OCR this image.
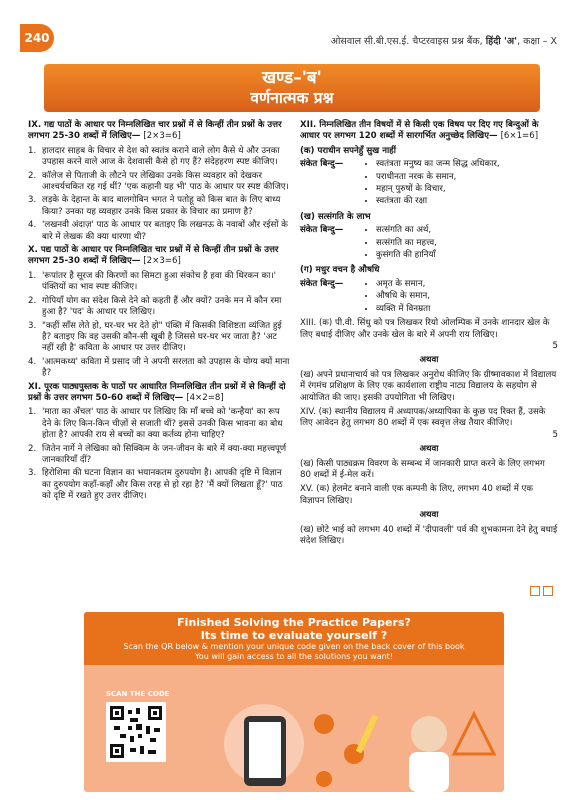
240	ओसवाल सी.बी.एस.ई. चैप्टरवाइस प्रश्न बैंक, हिंदी 'अ', कक्षा – X
खण्ड–'ब'
वर्णनात्मक प्रश्न
IX. गद्य पाठों के आधार पर निम्नलिखित चार प्रश्नों में से किन्हीं तीन प्रश्नों के उत्तर लगभग 25-30 शब्दों में लिखिए— [2×3=6]
1. हालदार साहब के विचार से देश को स्वतंत्र कराने वाले लोग कैसे थे और उनका उपहास करने वाले आज के देशवासी कैसे हो गए हैं? संदेहहरण स्पष्ट कीजिए।
2. कॉलेज से पिताजी के लौटने पर लेखिका उनके किस व्यवहार को देखकर आश्चर्यचकित रह गई थीं? 'एक कहानी यह भी' पाठ के आधार पर स्पष्ट कीजिए।
3. लड़के के देहान्त के बाद बालगोबिन भगत ने पतोहू को किस बात के लिए बाध्य किया? उनका यह व्यवहार उनके किस प्रकार के विचार का प्रमाण है?
4. 'लखनवी अंदाज़' पाठ के आधार पर बताइए कि लखनऊ के नवाबों और रईसों के बारे में लेखक की क्या धारणा थी?
X. पद्य पाठों के आधार पर निम्नलिखित चार प्रश्नों में से किन्हीं तीन प्रश्नों के उत्तर लगभग 25-30 शब्दों में लिखिए— [2×3=6]
1. 'रूपांतर है सूरज की किरणों का सिमटा हुआ संकोच है हवा की थिरकन का।' पंक्तियों का भाव स्पष्ट कीजिए।
2. गोपियाँ योग का संदेश किसे देने को कहती हैं और क्यों? उनके मन में कौन रमा हुआ है? 'पद' के आधार पर लिखिए।
3. "कहीं साँस लेते हो, घर-घर भर देते हो" पंक्ति में किसकी विशिष्टता व्यंजित हुई है? बताइए कि वह उसकी कौन-सी खूबी है जिससे घर-घर भर जाता है? 'अट नहीं रही है' कविता के आधार पर उत्तर दीजिए।
4. 'आत्मकथ्य' कविता में प्रसाद जी ने अपनी सरलता को उपहास के योग्य क्यों माना है?
XI. पूरक पाठ्यपुस्तक के पाठों पर आधारित निम्नलिखित तीन प्रश्नों में से किन्हीं दो प्रश्नों के उत्तर लगभग 50-60 शब्दों में लिखिए— [4×2=8]
1. 'माता का अँचल' पाठ के आधार पर लिखिए कि माँ बच्चे को 'कन्हैया' का रूप देने के लिए किन-किन चीज़ों से सजाती थीं? इससे उनकी किस भावना का बोध होता है? आपकी राय से बच्चों का क्या कर्तव्य होना चाहिए?
2. जितेन नार्गे ने लेखिका को सिक्किम के जन-जीवन के बारे में क्या-क्या महत्त्वपूर्ण जानकारियाँ दीं?
3. हिरोशिमा की घटना विज्ञान का भयानकतम दुरुपयोग है। आपकी दृष्टि में विज्ञान का दुरुपयोग कहाँ-कहाँ और किस तरह से हो रहा है? 'मैं क्यों लिखता हूँ?' पाठ को दृष्टि में रखते हुए उत्तर दीजिए।
XII. निम्नलिखित तीन विषयों में से किसी एक विषय पर दिए गए बिन्दुओं के आधार पर लगभग 120 शब्दों में सारगर्भित अनुच्छेद लिखिए— [6×1=6]
(क) पराधीन सपनेहुँ सुख नाहीं
संकेत बिन्दु—	• स्वतंत्रता मनुष्य का जन्म सिद्ध अधिकार,
• पराधीनता नरक के समान,
• महान् पुरुषों के विचार,
• स्वतंत्रता की रक्षा
(ख) सत्संगति के लाभ
संकेत बिन्दु—	• सत्संगति का अर्थ,
• सत्संगति का महत्त्व,
• कुसंगति की हानियाँ
(ग) मधुर वचन है औषधि
संकेत बिन्दु—	• अमृत के समान,
• औषधि के समान,
• व्यक्ति में विनम्रता
XIII. (क) पी.वी. सिंधु को पत्र लिखकर रियो ओलम्पिक में उनके शानदार खेल के लिए बधाई दीजिए और उनके खेल के बारे में अपनी राय लिखिए।
5
अथवा
(ख) अपने प्रधानाचार्य को पत्र लिखकर अनुरोध कीजिए कि ग्रीष्मावकाश में विद्यालय में रंगमंच प्रशिक्षण के लिए एक कार्यशाला राष्ट्रीय नाट्य विद्यालय के सहयोग से आयोजित की जाए। इसकी उपयोगिता भी लिखिए।
XIV. (क) स्थानीय विद्यालय में अध्यापक/अध्यापिका के कुछ पद रिक्त हैं, उसके लिए आवेदन हेतु लगभग 80 शब्दों में एक स्ववृत्त लेख तैयार कीजिए।
5
अथवा
(ख) किसी पाठ्यक्रम विवरण के सम्बन्ध में जानकारी प्राप्त करने के लिए लगभग 80 शब्दों में ई-मेल करें।
XV. (क) हेलमेट बनाने वाली एक कम्पनी के लिए, लगभग 40 शब्दों में एक विज्ञापन लिखिए।
अथवा
(ख) छोटे भाई को लगभग 40 शब्दों में 'दीपावली' पर्व की शुभकामना देने हेतु बधाई संदेश लिखिए।
Finished Solving the Practice Papers?
Its time to evaluate yourself ?
Scan the QR below & mention your unique code given on the back cover of this book
You will gain access to all the solutions you want!
SCAN THE CODE
